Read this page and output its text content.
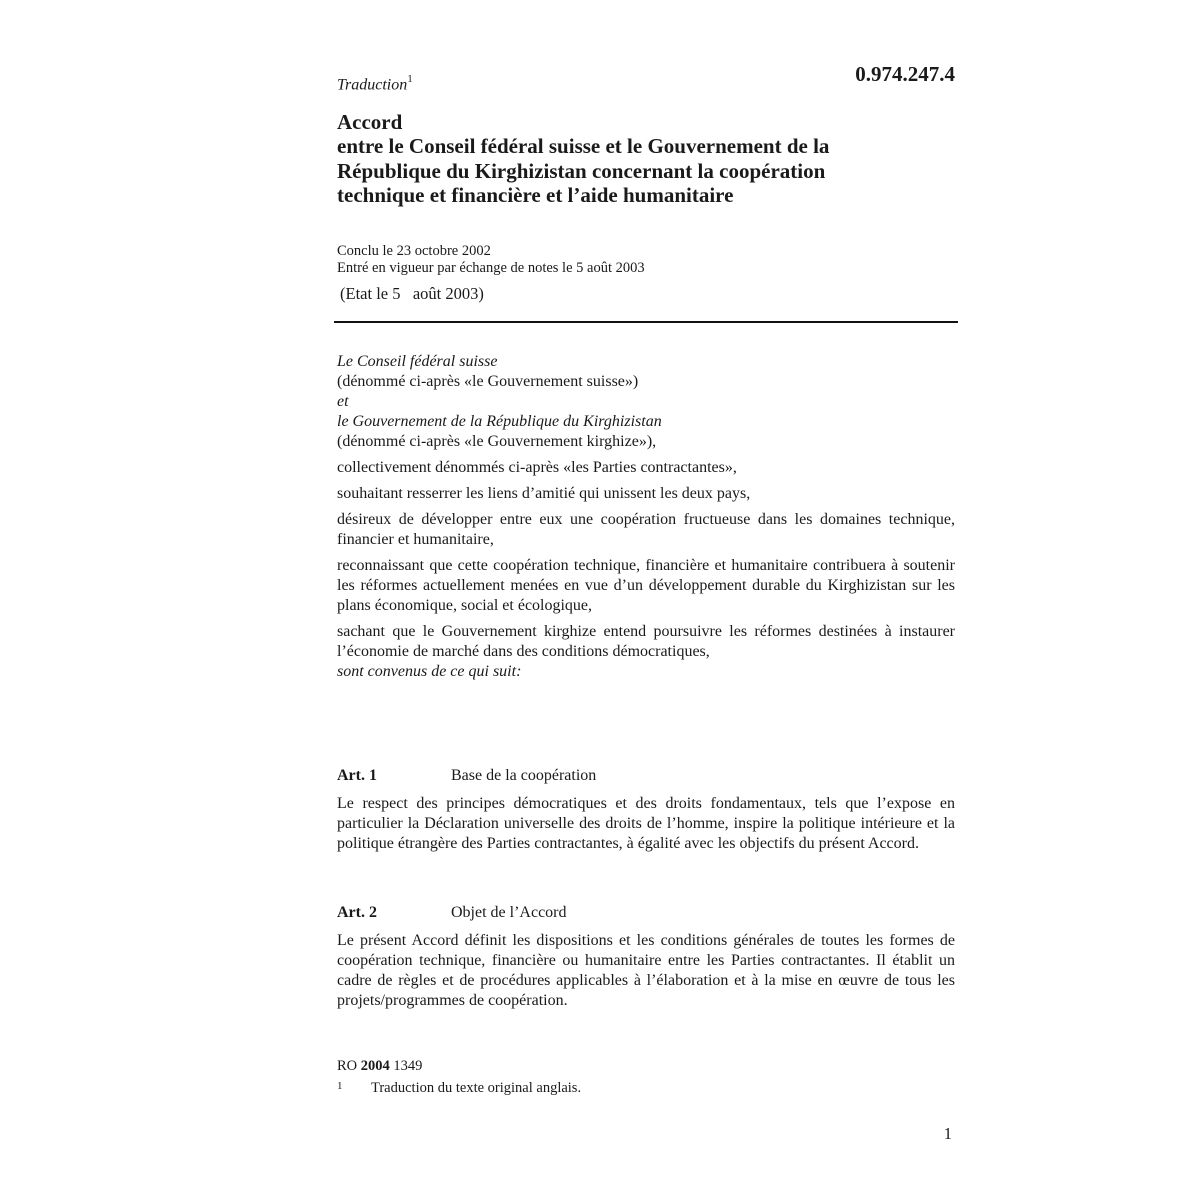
Traduction$^1$	0.974.247.4
Accord
entre le Conseil fédéral suisse et le Gouvernement de la
République du Kirghizistan concernant la coopération
technique et financière et l’aide humanitaire
Conclu le 23 octobre 2002
Entré en vigueur par échange de notes le 5 août 2003
(Etat le 5   août 2003)

Le Conseil fédéral suisse

(dénommé ci-après «le Gouvernement suisse»)

et

le Gouvernement de la République du Kirghizistan

(dénommé ci-après «le Gouvernement kirghize»),

collectivement dénommés ci-après «les Parties contractantes»,

souhaitant resserrer les liens d’amitié qui unissent les deux pays,

désireux de développer entre eux une coopération fructueuse dans les domaines technique, financier et humanitaire,

reconnaissant que cette coopération technique, financière et humanitaire contribuera à soutenir les réformes actuellement menées en vue d’un développement durable du Kirghizistan sur les plans économique, social et écologique,

sachant que le Gouvernement kirghize entend poursuivre les réformes destinées à instaurer l’économie de marché dans des conditions démocratiques,

sont convenus de ce qui suit:

Art. 1	Base de la coopération
Le respect des principes démocratiques et des droits fondamentaux, tels que l’expose en particulier la Déclaration universelle des droits de l’homme, inspire la politique intérieure et la politique étrangère des Parties contractantes, à égalité avec les objectifs du présent Accord.
Art. 2	Objet de l’Accord
Le présent Accord définit les dispositions et les conditions générales de toutes les formes de coopération technique, financière ou humanitaire entre les Parties contractantes. Il établit un cadre de règles et de procédures applicables à l’élaboration et à la mise en œuvre de tous les projets/programmes de coopération.
RO 2004 1349
1 Traduction du texte original anglais.
1
